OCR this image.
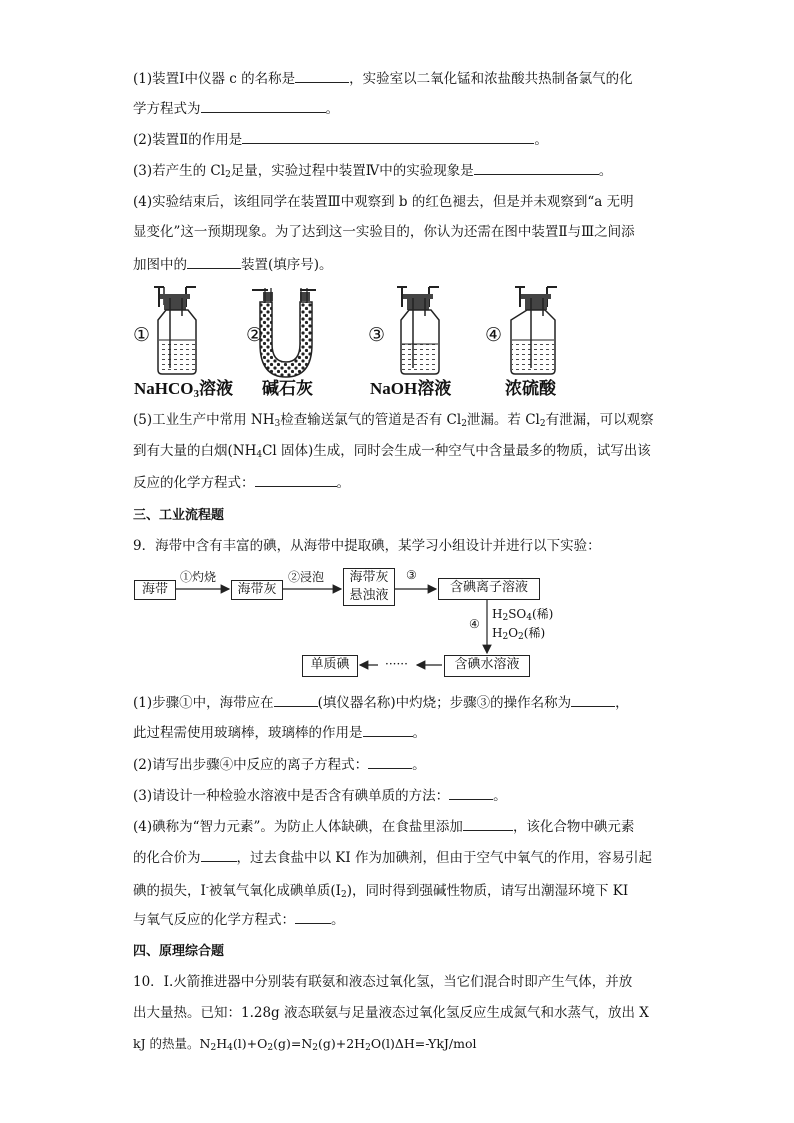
(1)装置Ⅰ中仪器 c 的名称是	，实验室以二氧化锰和浓盐酸共热制备氯气的化
学方程式为	。
(2)装置Ⅱ的作用是	。
(3)若产生的 $Cl_2$足量，实验过程中装置Ⅳ中的实验现象是	。
(4)实验结束后，该组同学在装置Ⅲ中观察到 b 的红色褪去，但是并未观察到“a 无明
显变化”这一预期现象。为了达到这一实验目的，你认为还需在图中装置Ⅱ与Ⅲ之间添
加图中的	装置(填序号)。
①	②	③	④
NaHCO3溶液 碱石灰	NaOH溶液	浓硫酸
(5)工业生产中常用 $NH_3$检查输送氯气的管道是否有 $Cl_2$泄漏。若 $Cl_2$有泄漏，可以观察
到有大量的白烟($NH_4Cl$ 固体)生成，同时会生成一种空气中含量最多的物质，试写出该
反应的化学方程式：	。
三、工业流程题
9．海带中含有丰富的碘，从海带中提取碘，某学习小组设计并进行以下实验：
海带	海带灰
海带灰
悬浊液
含碘离子溶液
含碘水溶液
单质碘
①灼烧	②浸泡	③
④
$H_2SO_4$(稀)
$H_2O_2$(稀)
······
(1)步骤①中，海带应在	(填仪器名称)中灼烧；步骤③的操作名称为	，
此过程需使用玻璃棒，玻璃棒的作用是	。
(2)请写出步骤④中反应的离子方程式：	。
(3)请设计一种检验水溶液中是否含有碘单质的方法：	。
(4)碘称为“智力元素”。为防止人体缺碘，在食盐里添加	，该化合物中碘元素
的化合价为	，过去食盐中以 KI 作为加碘剂，但由于空气中氧气的作用，容易引起
碘的损失，I-被氧气氧化成碘单质$(I_2)$，同时得到强碱性物质，请写出潮湿环境下 KI
与氧气反应的化学方程式：	。
四、原理综合题
10．Ⅰ.火箭推进器中分别装有联氨和液态过氧化氢，当它们混合时即产生气体，并放
出大量热。已知：1.28g 液态联氨与足量液态过氧化氢反应生成氮气和水蒸气，放出 X
kJ 的热量。$N_2H_4(l)+O_2(g)=N_2(g)+2H_2O(l)\Delta H=-YkJ$/mol
